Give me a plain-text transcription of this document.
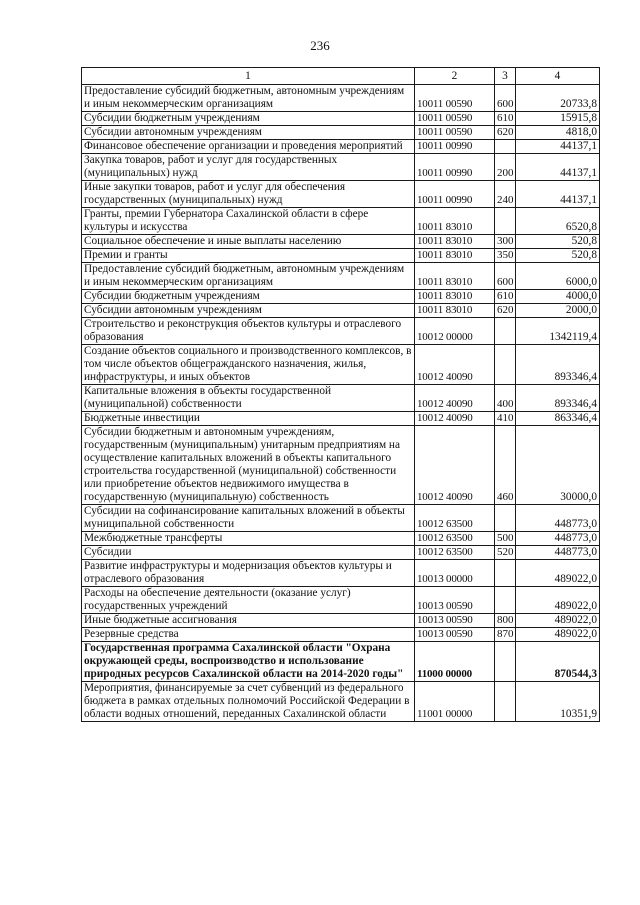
236
1	2	3	4
Предоставление субсидий бюджетным, автономным учреждениям и иным некоммерческим организациям	10011 00590	600	20733,8
Субсидии бюджетным учреждениям	10011 00590	610	15915,8
Субсидии автономным учреждениям	10011 00590	620	4818,0
Финансовое обеспечение организации и проведения мероприятий	10011 00990		44137,1
Закупка товаров, работ и услуг для государственных (муниципальных) нужд	10011 00990	200	44137,1
Иные закупки товаров, работ и услуг для обеспечения государственных (муниципальных) нужд	10011 00990	240	44137,1
Гранты, премии Губернатора Сахалинской области в сфере культуры и искусства	10011 83010		6520,8
Социальное обеспечение и иные выплаты населению	10011 83010	300	520,8
Премии и гранты	10011 83010	350	520,8
Предоставление субсидий бюджетным, автономным учреждениям и иным некоммерческим организациям	10011 83010	600	6000,0
Субсидии бюджетным учреждениям	10011 83010	610	4000,0
Субсидии автономным учреждениям	10011 83010	620	2000,0
Строительство и реконструкция объектов культуры и отраслевого образования	10012 00000		1342119,4
Создание объектов социального и производственного комплексов, в том числе объектов общегражданского назначения, жилья, инфраструктуры, и иных объектов	10012 40090		893346,4
Капитальные вложения в объекты государственной (муниципальной) собственности	10012 40090	400	893346,4
Бюджетные инвестиции	10012 40090	410	863346,4
Субсидии бюджетным и автономным учреждениям, государственным (муниципальным) унитарным предприятиям на осуществление капитальных вложений в объекты капитального строительства государственной (муниципальной) собственности или приобретение объектов недвижимого имущества в государственную (муниципальную) собственность	10012 40090	460	30000,0
Субсидии на софинансирование капитальных вложений в объекты муниципальной собственности	10012 63500		448773,0
Межбюджетные трансферты	10012 63500	500	448773,0
Субсидии	10012 63500	520	448773,0
Развитие инфраструктуры и модернизация объектов культуры и отраслевого образования	10013 00000		489022,0
Расходы на обеспечение деятельности (оказание услуг) государственных учреждений	10013 00590		489022,0
Иные бюджетные ассигнования	10013 00590	800	489022,0
Резервные средства	10013 00590	870	489022,0
Государственная программа Сахалинской области "Охрана окружающей среды, воспроизводство и использование природных ресурсов Сахалинской области на 2014-2020 годы"	11000 00000		870544,3
Мероприятия, финансируемые за счет субвенций из федерального бюджета в рамках отдельных полномочий Российской Федерации в области водных отношений, переданных Сахалинской области	11001 00000		10351,9
